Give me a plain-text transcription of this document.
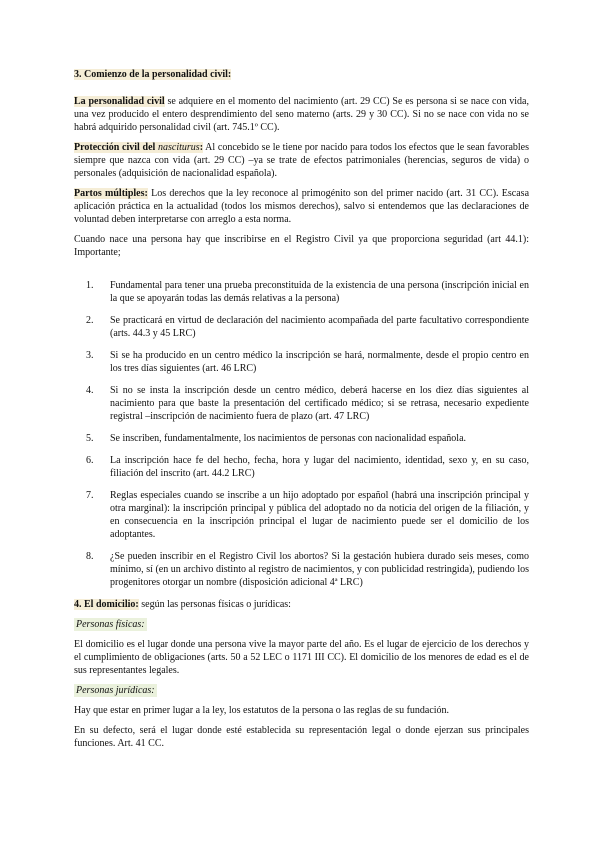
3. Comienzo de la personalidad civil:

La personalidad civil se adquiere en el momento del nacimiento (art. 29 CC) Se es persona si se nace con vida, una vez producido el entero desprendimiento del seno materno (arts. 29 y 30 CC). Si no se nace con vida no se habrá adquirido personalidad civil (art. 745.1º CC).

Protección civil del nasciturus: Al concebido se le tiene por nacido para todos los efectos que le sean favorables siempre que nazca con vida (art. 29 CC) –ya se trate de efectos patrimoniales (herencias, seguros de vida) o personales (adquisición de nacionalidad española).

Partos múltiples: Los derechos que la ley reconoce al primogénito son del primer nacido (art. 31 CC). Escasa aplicación práctica en la actualidad (todos los mismos derechos), salvo si entendemos que las declaraciones de voluntad deben interpretarse con arreglo a esta norma.

Cuando nace una persona hay que inscribirse en el Registro Civil ya que proporciona seguridad (art 44.1): Importante;

1. Fundamental para tener una prueba preconstituida de la existencia de una persona (inscripción inicial en la que se apoyarán todas las demás relativas a la persona)
2. Se practicará en virtud de declaración del nacimiento acompañada del parte facultativo correspondiente (arts. 44.3 y 45 LRC)
3. Si se ha producido en un centro médico la inscripción se hará, normalmente, desde el propio centro en los tres días siguientes (art. 46 LRC)
4. Si no se insta la inscripción desde un centro médico, deberá hacerse en los diez días siguientes al nacimiento para que baste la presentación del certificado médico; si se retrasa, necesario expediente registral –inscripción de nacimiento fuera de plazo (art. 47 LRC)
5. Se inscriben, fundamentalmente, los nacimientos de personas con nacionalidad española.
6. La inscripción hace fe del hecho, fecha, hora y lugar del nacimiento, identidad, sexo y, en su caso, filiación del inscrito (art. 44.2 LRC)
7. Reglas especiales cuando se inscribe a un hijo adoptado por español (habrá una inscripción principal y otra marginal): la inscripción principal y pública del adoptado no da noticia del origen de la filiación, y en consecuencia en la inscripción principal el lugar de nacimiento puede ser el domicilio de los adoptantes.
8. ¿Se pueden inscribir en el Registro Civil los abortos? Si la gestación hubiera durado seis meses, como mínimo, sí (en un archivo distinto al registro de nacimientos, y con publicidad restringida), pudiendo los progenitores otorgar un nombre (disposición adicional 4ª LRC)

4. El domicilio: según las personas físicas o jurídicas:

Personas físicas:

El domicilio es el lugar donde una persona vive la mayor parte del año. Es el lugar de ejercicio de los derechos y el cumplimiento de obligaciones (arts. 50 a 52 LEC o 1171 III CC). El domicilio de los menores de edad es el de sus representantes legales.

Personas jurídicas:

Hay que estar en primer lugar a la ley, los estatutos de la persona o las reglas de su fundación.

En su defecto, será el lugar donde esté establecida su representación legal o donde ejerzan sus principales funciones. Art. 41 CC.
